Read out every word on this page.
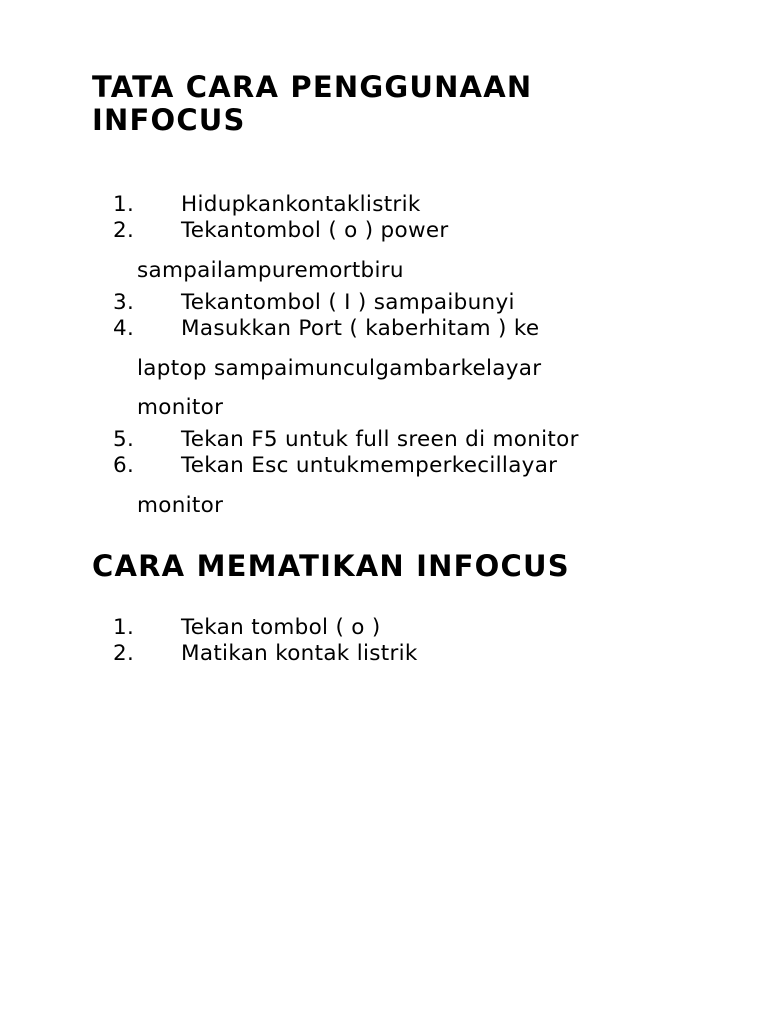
TATA CARA PENGGUNAAN INFOCUS
1.	Hidupkankontaklistrik
2.	Tekantombol ( o ) power
sampailampuremortbiru
3.	Tekantombol ( I ) sampaibunyi
4.	Masukkan Port ( kaberhitam ) ke
laptop sampaimunculgambarkelayar
monitor
5.	Tekan F5 untuk full sreen di monitor
6.	Tekan Esc untukmemperkecillayar
monitor
CARA MEMATIKAN INFOCUS
1.	Tekan tombol ( o )
2.	Matikan kontak listrik
